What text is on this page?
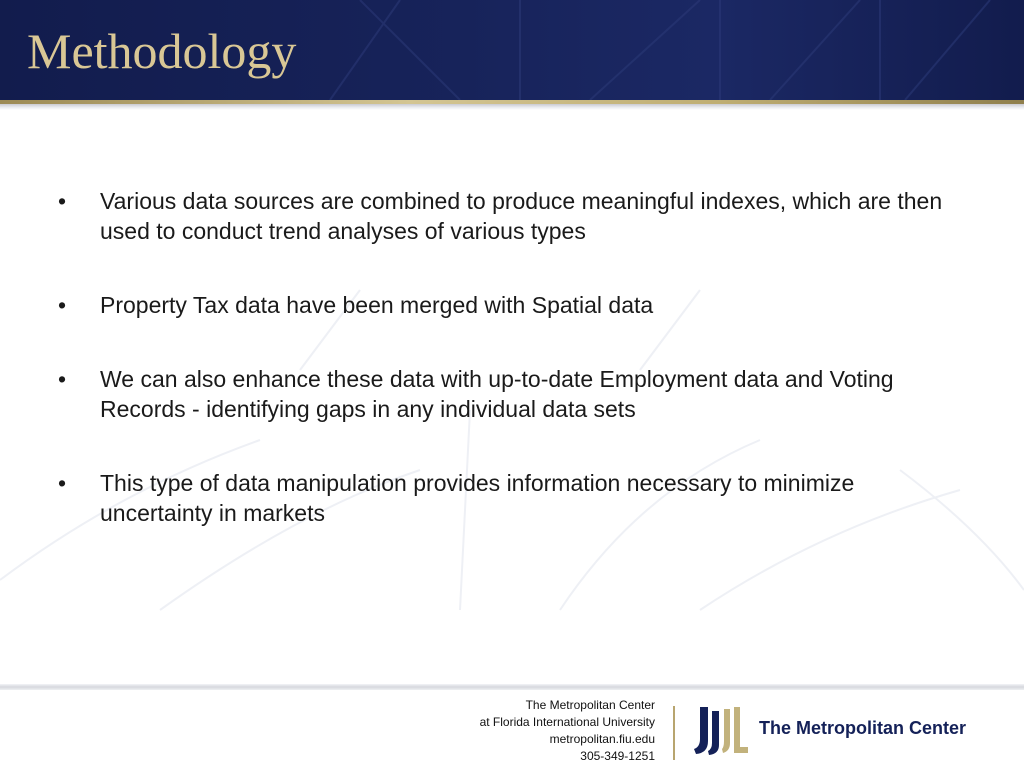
Methodology
•	Various data sources are combined to produce meaningful indexes, which are then used to conduct trend analyses of various types
•	Property Tax data have been merged with Spatial data
•	We can also enhance these data with up-to-date Employment data and Voting Records - identifying gaps in any individual data sets
•	This type of data manipulation provides information necessary to minimize uncertainty in markets
The Metropolitan Center
at Florida International University
metropolitan.fiu.edu
305-349-1251
The Metropolitan Center
